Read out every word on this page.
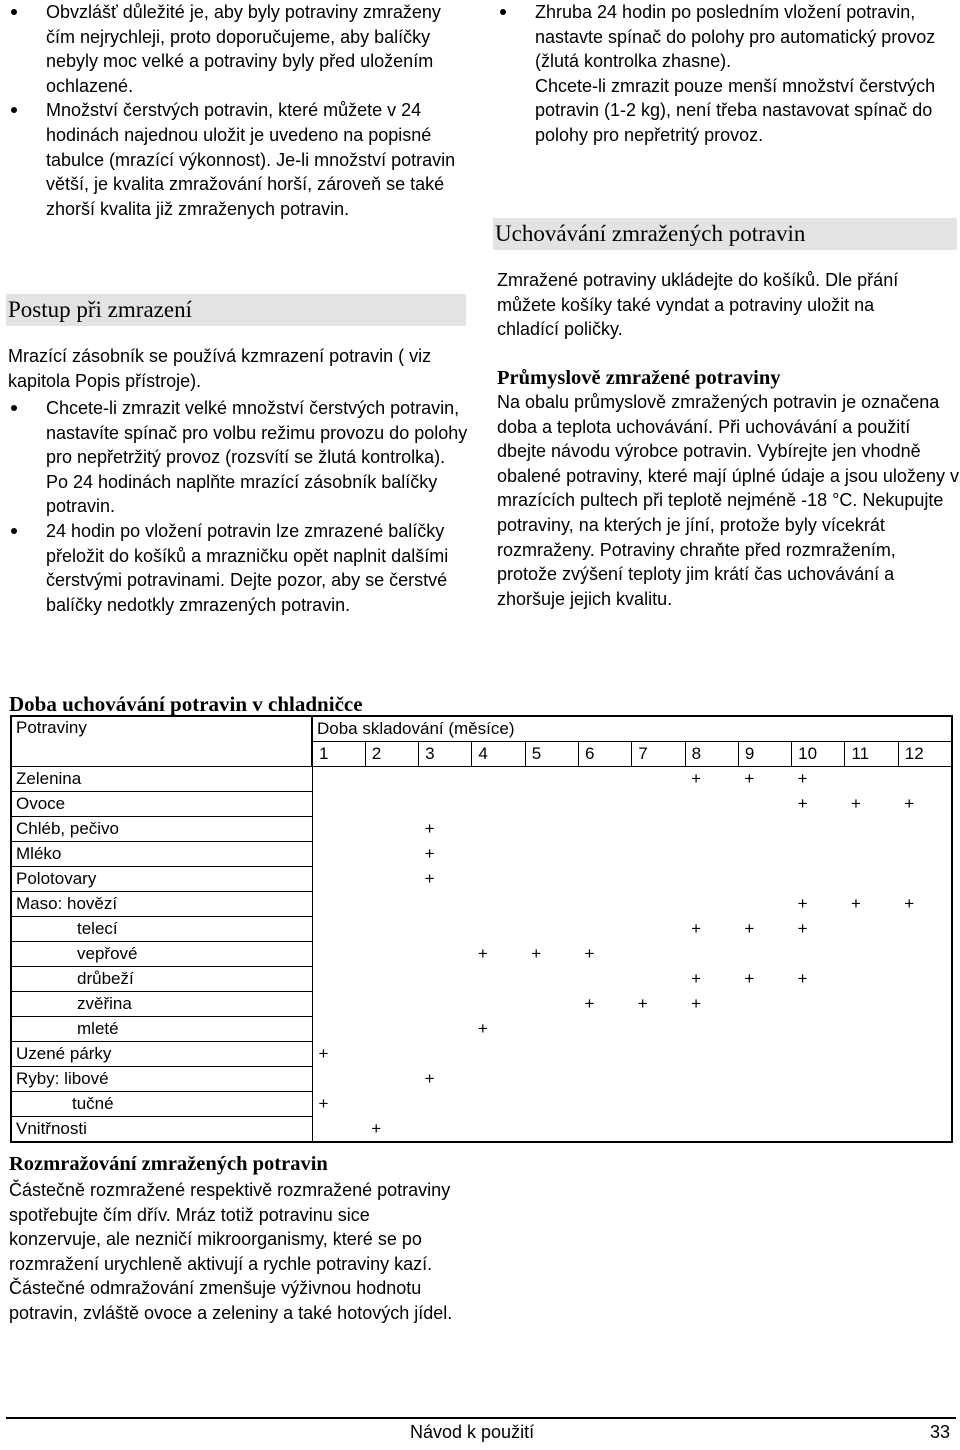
Obvzlášť důležité je, aby byly potraviny zmraženy čím nejrychleji, proto doporučujeme, aby balíčky nebyly moc velké a potraviny byly před uložením ochlazené.
Množství čerstvých potravin, které můžete v 24 hodinách najednou uložit je uvedeno na popisné tabulce (mrazící výkonnost). Je-li množství potravin větší, je kvalita zmražování horší, zároveň se také zhorší kvalita již zmraženych potravin.
Postup při zmrazení

Mrazící zásobník se používá kzmrazení potravin ( viz kapitola Popis přístroje).

Chcete-li zmrazit velké množství čerstvých potravin, nastavíte spínač pro volbu režimu provozu do polohy pro nepřetržitý provoz (rozsvítí se žlutá kontrolka). Po 24 hodinách naplňte mrazící zásobník balíčky potravin.
24 hodin po vložení potravin lze zmrazené balíčky přeložit do košíků a mrazničku opět naplnit dalšími čerstvými potravinami. Dejte pozor, aby se čerstvé balíčky nedotkly zmrazených potravin.
Zhruba 24 hodin po posledním vložení potravin, nastavte spínač do polohy pro automatický provoz (žlutá kontrolka zhasne).
Chcete-li zmrazit pouze menší množství čerstvých potravin (1-2 kg), není třeba nastavovat spínač do polohy pro nepřetritý provoz.
Uchovávání zmražených potravin

Zmražené potraviny ukládejte do košíků. Dle přání můžete košíky také vyndat a potraviny uložit na chladící poličky.

Průmyslově zmražené potraviny

Na obalu průmyslově zmražených potravin je označena doba a teplota uchovávání. Při uchovávání a použití dbejte návodu výrobce potravin. Vybírejte jen vhodně obalené potraviny, které mají úplné údaje a jsou uloženy v mrazících pultech při teplotě nejméně -18 °C. Nekupujte potraviny, na kterých je jíní, protože byly vícekrát rozmraženy. Potraviny chraňte před rozmražením, protože zvýšení teploty jim krátí čas uchovávání a zhoršuje jejich kvalitu.

Doba uchovávání potravin v chladničce
Potraviny	Doba skladování (měsíce)											
	1	2	3	4	5	6	7	8	9	10	11	12
Zelenina								+	+	+		
Ovoce										+	+	+
Chléb, pečivo			+									
Mléko			+									
Polotovary			+									
Maso: hovězí										+	+	+
telecí								+	+	+		
vepřové				+	+	+						
drůbeží								+	+	+		
zvěřina						+	+	+				
mleté				+								
Uzené párky	+											
Ryby: libové			+									
tučné	+											
Vnitřnosti		+										
Rozmražování zmražených potravin

Částečně rozmražené respektivě rozmražené potraviny spotřebujte čím dřív. Mráz totiž potravinu sice konzervuje, ale nezničí mikroorganismy, které se po rozmražení urychleně aktivují a rychle potraviny kazí. Částečné odmražování zmenšuje výživnou hodnotu potravin, zvláště ovoce a zeleniny a také hotových jídel.

Návod k použití	33
